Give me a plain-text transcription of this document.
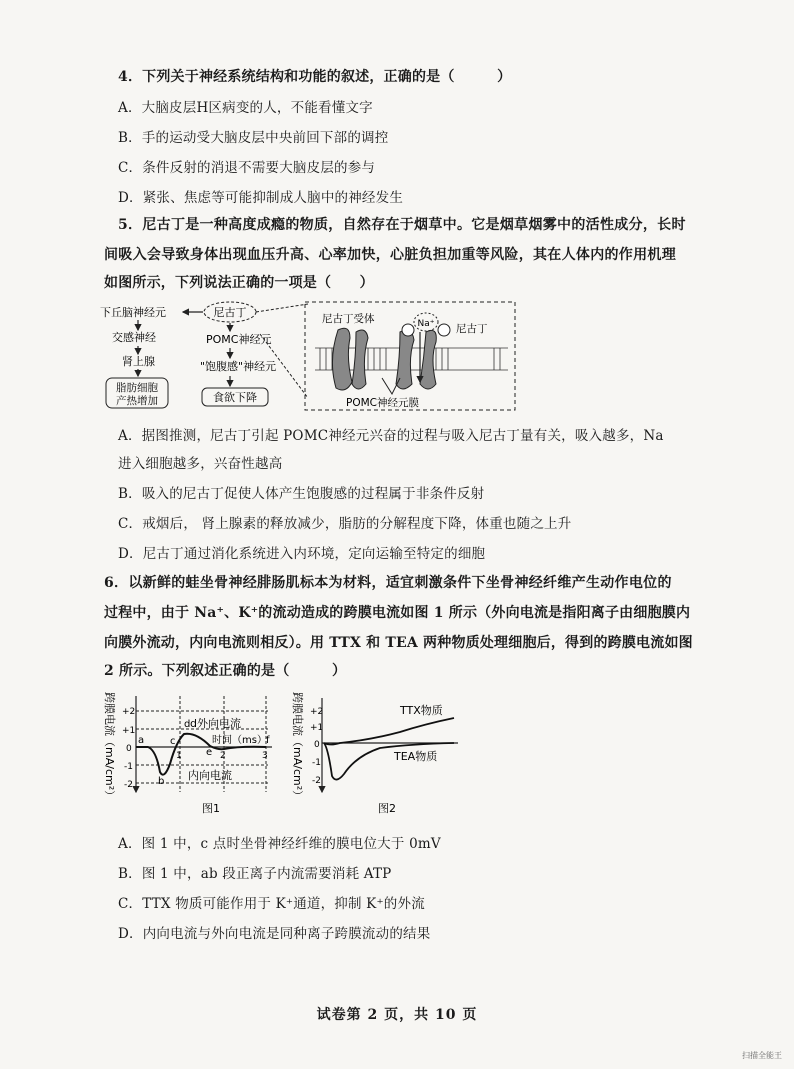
4．下列关于神经系统结构和功能的叙述，正确的是（　　　）
A．大脑皮层H区病变的人，不能看懂文字
B．手的运动受大脑皮层中央前回下部的调控
C．条件反射的消退不需要大脑皮层的参与
D．紧张、焦虑等可能抑制成人脑中的神经发生
5．尼古丁是一种高度成瘾的物质，自然存在于烟草中。它是烟草烟雾中的活性成分，长时
间吸入会导致身体出现血压升高、心率加快，心脏负担加重等风险，其在人体内的作用机理
如图所示，下列说法正确的一项是（　　）
下丘脑神经元	尼古丁
POMC神经元
"饱腹感"神经元
食欲下降
交感神经
肾上腺
脂肪细胞
产热增加
Na⁺
尼古丁受体
尼古丁
POMC神经元膜
A．据图推测，尼古丁引起 POMC神经元兴奋的过程与吸入尼古丁量有关，吸入越多，Na
进入细胞越多，兴奋性越高
B．吸入的尼古丁促使人体产生饱腹感的过程属于非条件反射
C．戒烟后， 肾上腺素的释放减少，脂肪的分解程度下降，体重也随之上升
D．尼古丁通过消化系统进入内环境，定向运输至特定的细胞
6．以新鲜的蛙坐骨神经腓肠肌标本为材料，适宜刺激条件下坐骨神经纤维产生动作电位的
过程中，由于 Na⁺、K⁺的流动造成的跨膜电流如图 1 所示（外向电流是指阳离子由细胞膜内
向膜外流动，内向电流则相反）。用 TTX 和 TEA 两种物质处理细胞后，得到的跨膜电流如图
2 所示。下列叙述正确的是（　　　）
跨膜电流（mA/cm²） +2
+1
0
-1
-2
a
b
c
d
e
f
d外向电流
时间（ms）
内向电流
1	2	3
图1
跨膜电流（mA/cm²） +2
+1
0
-1
-2
TTX物质
TEA物质
图2
A．图 1 中，c 点时坐骨神经纤维的膜电位大于 0mV
B．图 1 中，ab 段正离子内流需要消耗 ATP
C．TTX 物质可能作用于 K⁺通道，抑制 K⁺的外流
D．内向电流与外向电流是同种离子跨膜流动的结果
试卷第 2 页，共 10 页
扫描全能王
